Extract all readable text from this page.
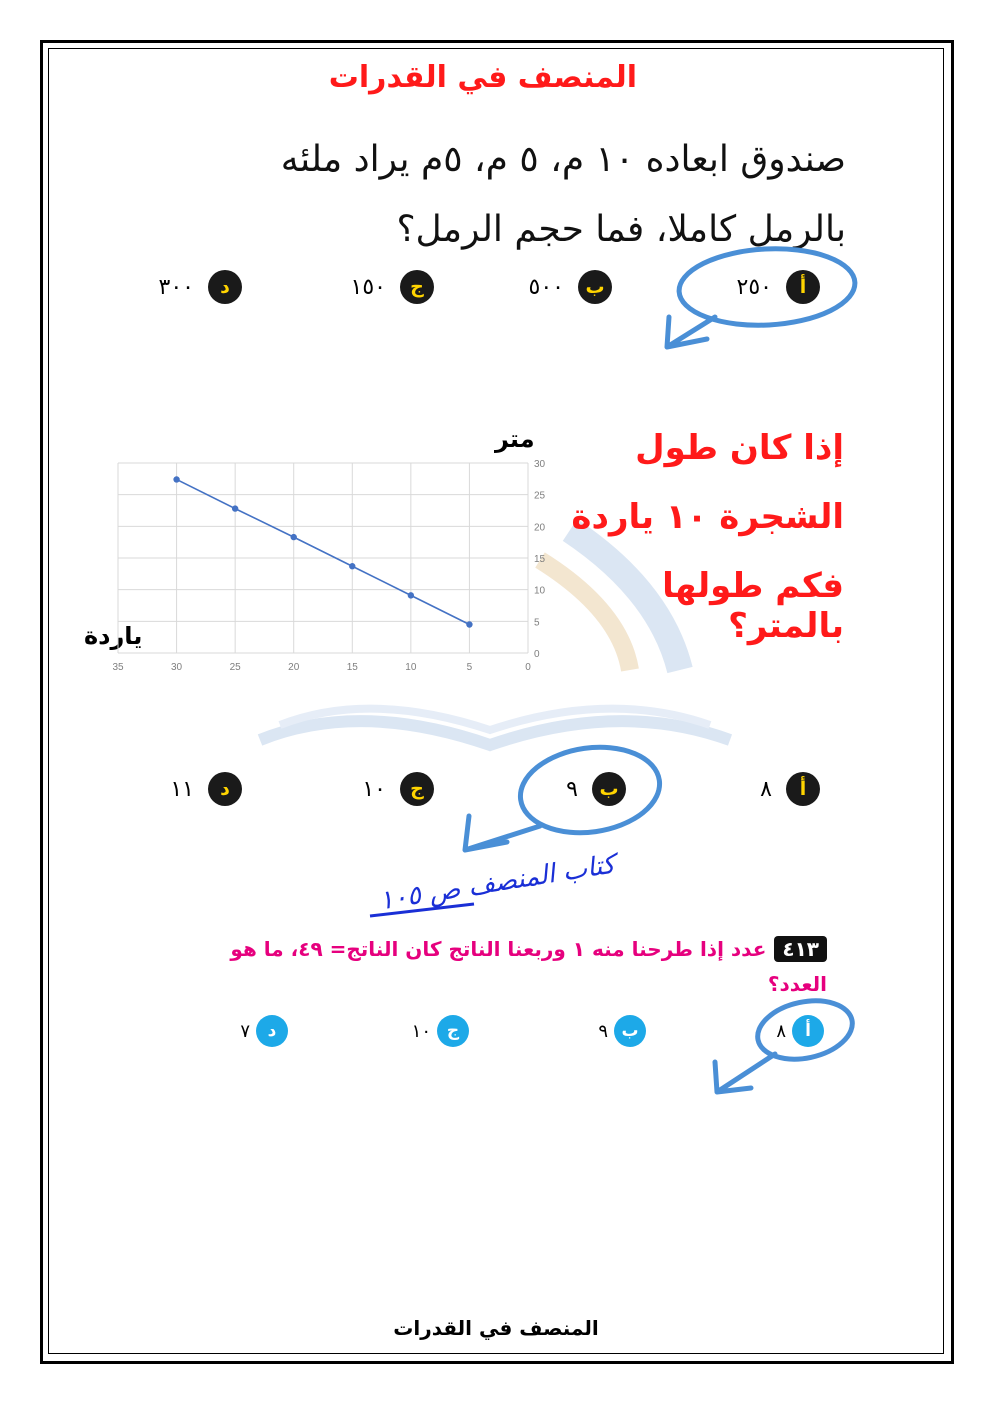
المنصف في القدرات
صندوق ابعاده ١٠ م، ٥ م، ٥م يراد ملئه
بالرمل كاملا، فما حجم الرمل؟
أ
٢٥٠
ب
٥٠٠
ج
١٥٠
د
٣٠٠
إذا كان طول
الشجرة ١٠ ياردة
فكم طولها بالمتر؟
متر
ياردة
35	30	25	20	15	10	5	0
30
25
20
15
10
5
0
أ
٨
ب
٩
ج
١٠
د
١١
كتاب المنصف ص ١٠٥
٤١٣
عدد إذا طرحنا منه ١ وربعنا الناتج كان الناتج= ٤٩، ما هو
العدد؟
أ
٨
ب
٩
ج
١٠
د
٧
المنصف في القدرات
